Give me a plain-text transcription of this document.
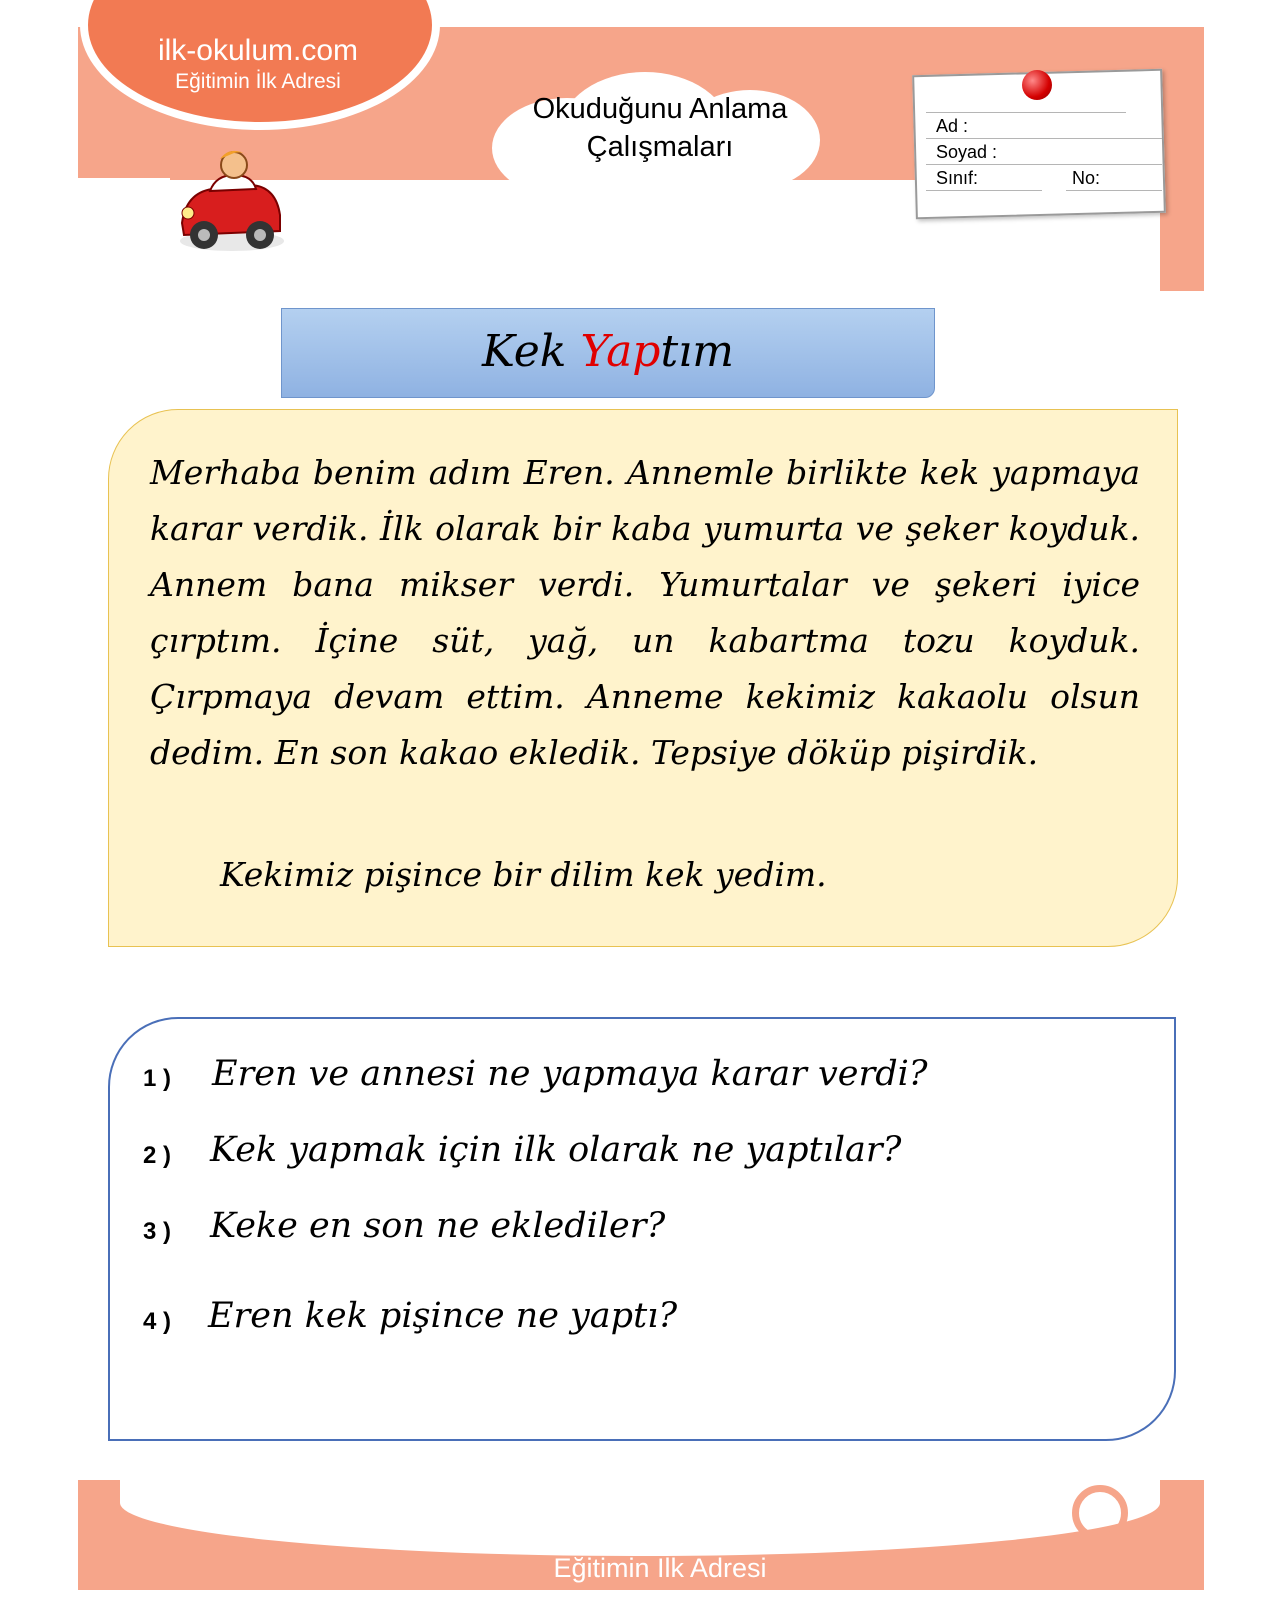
ilk-okulum.com
Eğitimin İlk Adresi
Okuduğunu Anlama
Çalışmaları
Ad :
Soyad :
Sınıf:	No:
Kek Yaptım
Merhaba benim adım Eren. Annemle birlikte kek yapmaya karar verdik. İlk olarak bir kaba yumurta ve şeker koyduk. Annem bana mikser verdi. Yumurtalar ve şekeri iyice çırptım. İçine süt, yağ, un kabartma tozu koyduk. Çırpmaya devam ettim. Anneme kekimiz kakaolu olsun dedim. En son kakao ekledik. Tepsiye döküp pişirdik.
Kekimiz pişince bir dilim kek yedim.
1 ) Eren ve annesi ne yapmaya karar verdi?
2 ) Kek yapmak için ilk olarak ne yaptılar?
3 ) Keke en son ne eklediler?
4 ) Eren kek pişince ne yaptı?
ilk-okulum.com
Eğitimin İlk Adresi
